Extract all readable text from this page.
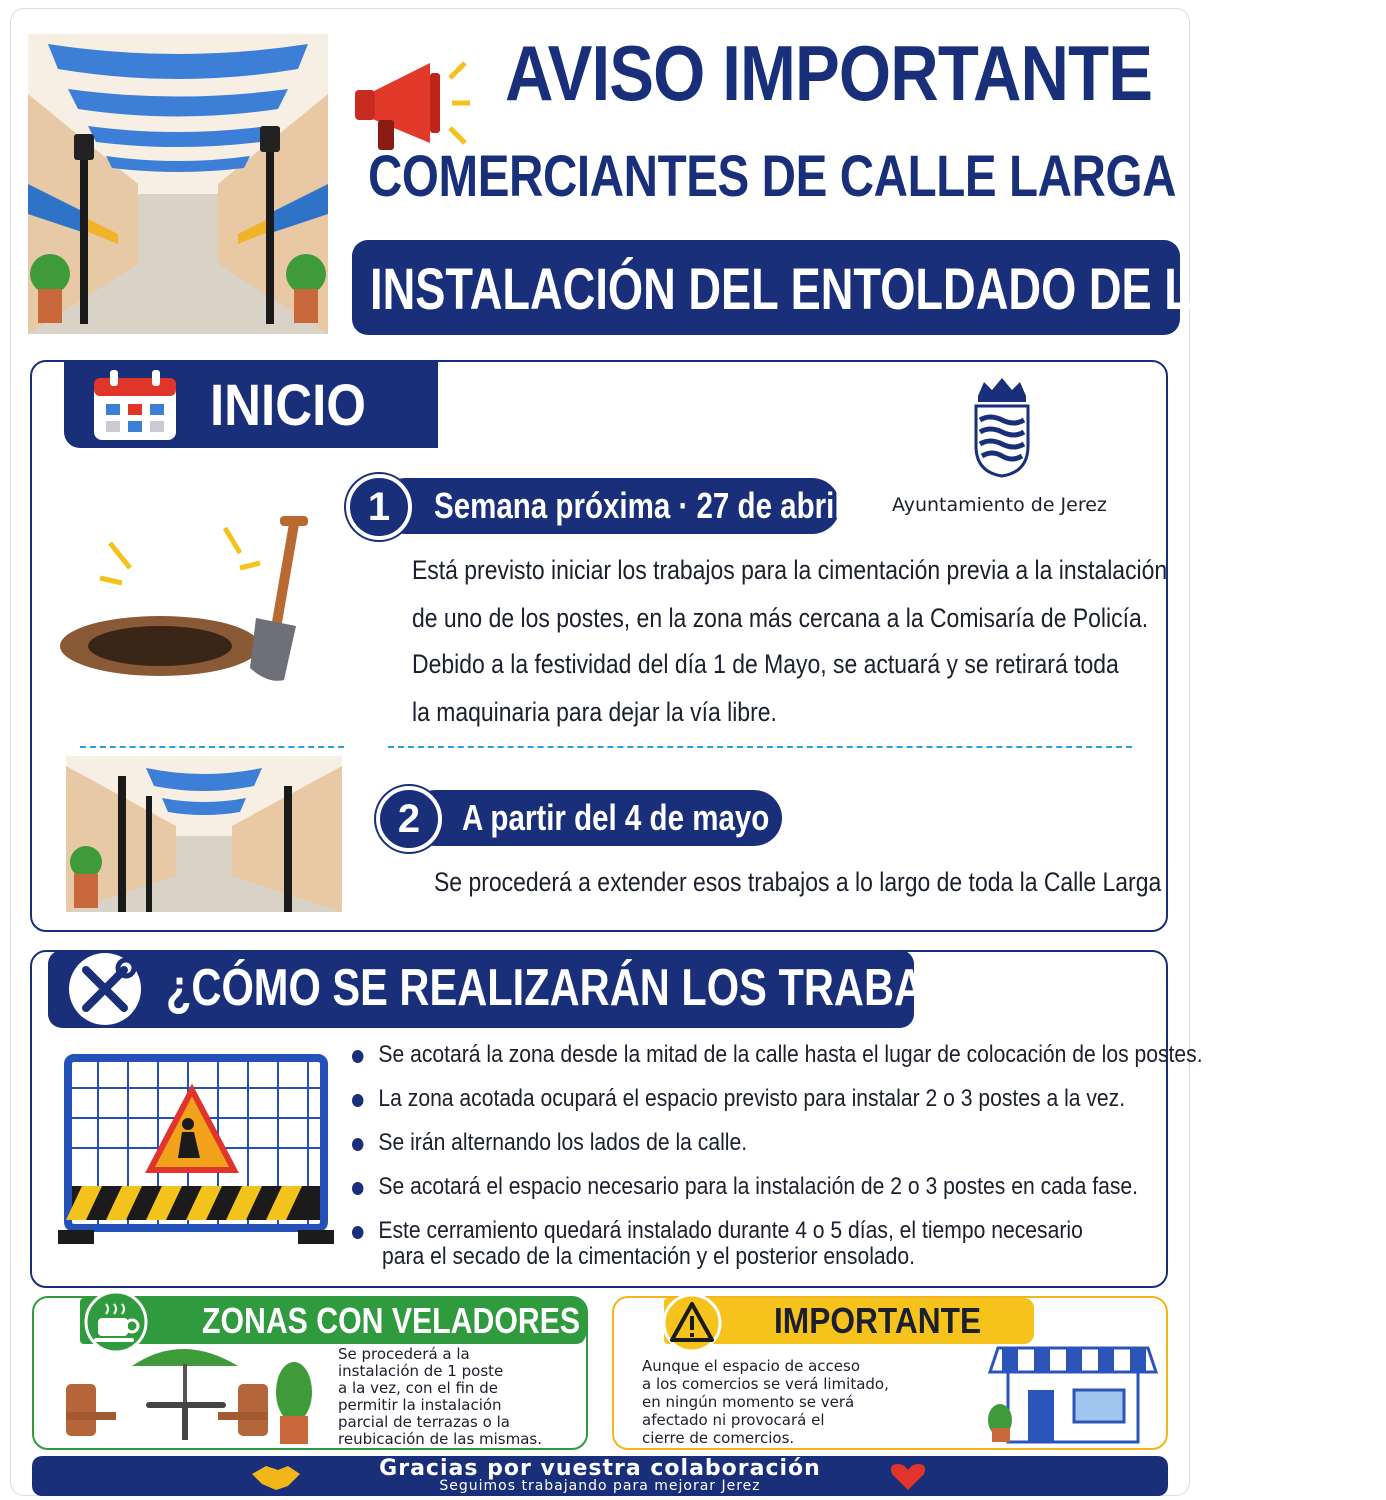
AVISO IMPORTANTE
COMERCIANTES DE CALLE LARGA
INSTALACIÓN DEL ENTOLDADO DE LA CALLE
INICIO
Ayuntamiento de Jerez
Semana próxima · 27 de abril
1
Está previsto iniciar los trabajos para la cimentación previa a la instalación
de uno de los postes, en la zona más cercana a la Comisaría de Policía.
Debido a la festividad del día 1 de Mayo, se actuará y se retirará toda
la maquinaria para dejar la vía libre.
A partir del 4 de mayo
2
Se procederá a extender esos trabajos a lo largo de toda la Calle Larga
¿CÓMO SE REALIZARÁN LOS TRABAJOS?
Se acotará la zona desde la mitad de la calle hasta el lugar de colocación de los postes.
La zona acotada ocupará el espacio previsto para instalar 2 o 3 postes a la vez.
Se irán alternando los lados de la calle.
Se acotará el espacio necesario para la instalación de 2 o 3 postes en cada fase.
Este cerramiento quedará instalado durante 4 o 5 días, el tiempo necesario
para el secado de la cimentación y el posterior ensolado.
ZONAS CON VELADORES
Se procederá a la
instalación de 1 poste
a la vez, con el fin de
permitir la instalación
parcial de terrazas o la
reubicación de las mismas.
IMPORTANTE
Aunque el espacio de acceso
a los comercios se verá limitado,
en ningún momento se verá
afectado ni provocará el
cierre de comercios.
Gracias por vuestra colaboración
Seguimos trabajando para mejorar Jerez
